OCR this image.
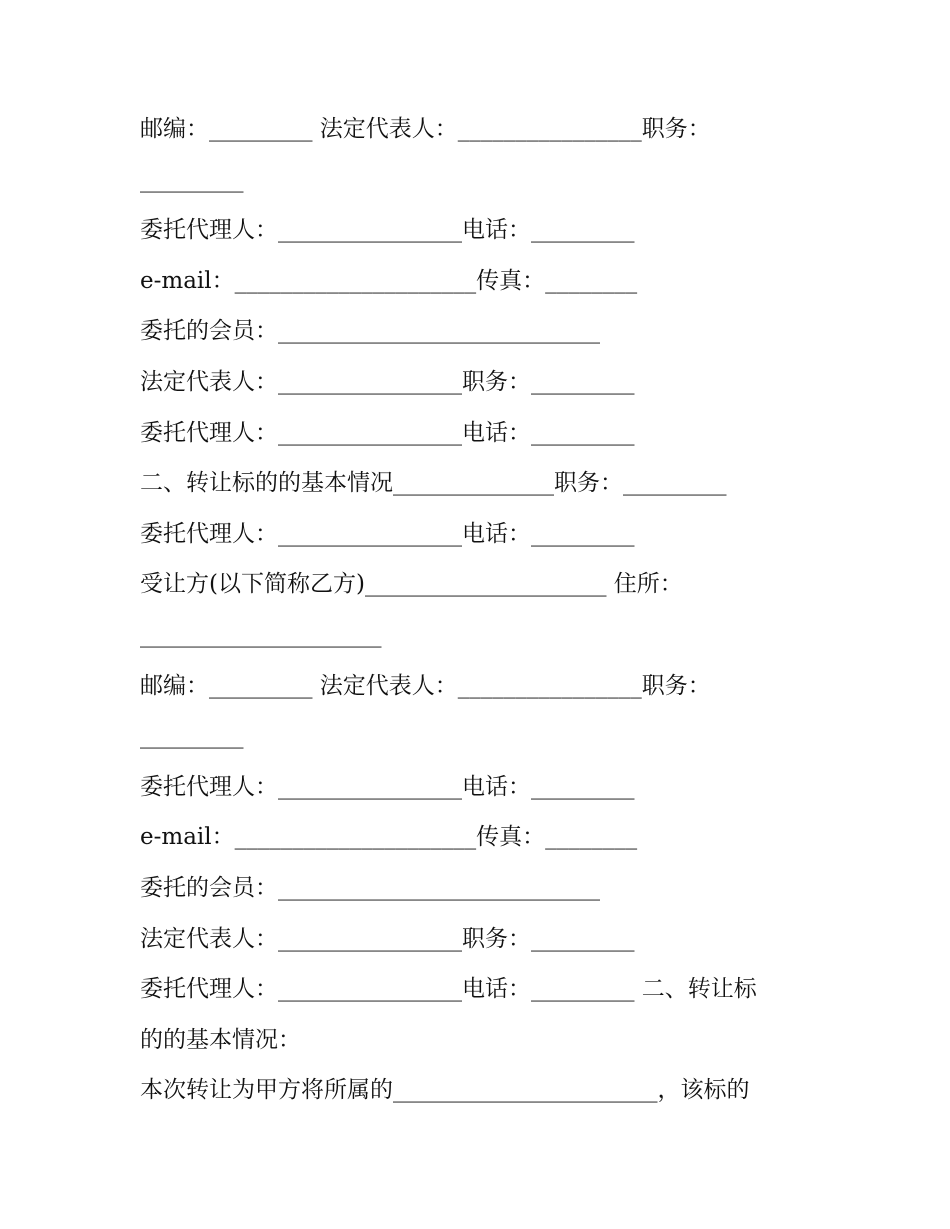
邮编：_________ 法定代表人：________________职务：
_________
委托代理人：________________电话：_________
e-mail：_____________________传真：________
委托的会员：____________________________
法定代表人：________________职务：_________
委托代理人：________________电话：_________
二、转让标的的基本情况______________职务：_________
委托代理人：________________电话：_________
受让方(以下简称乙方)_____________________ 住所：
_____________________
邮编：_________ 法定代表人：________________职务：
_________
委托代理人：________________电话：_________
e-mail：_____________________传真：________
委托的会员：____________________________
法定代表人：________________职务：_________
委托代理人：________________电话：_________ 二、转让标
的的基本情况：
本次转让为甲方将所属的_______________________，该标的
